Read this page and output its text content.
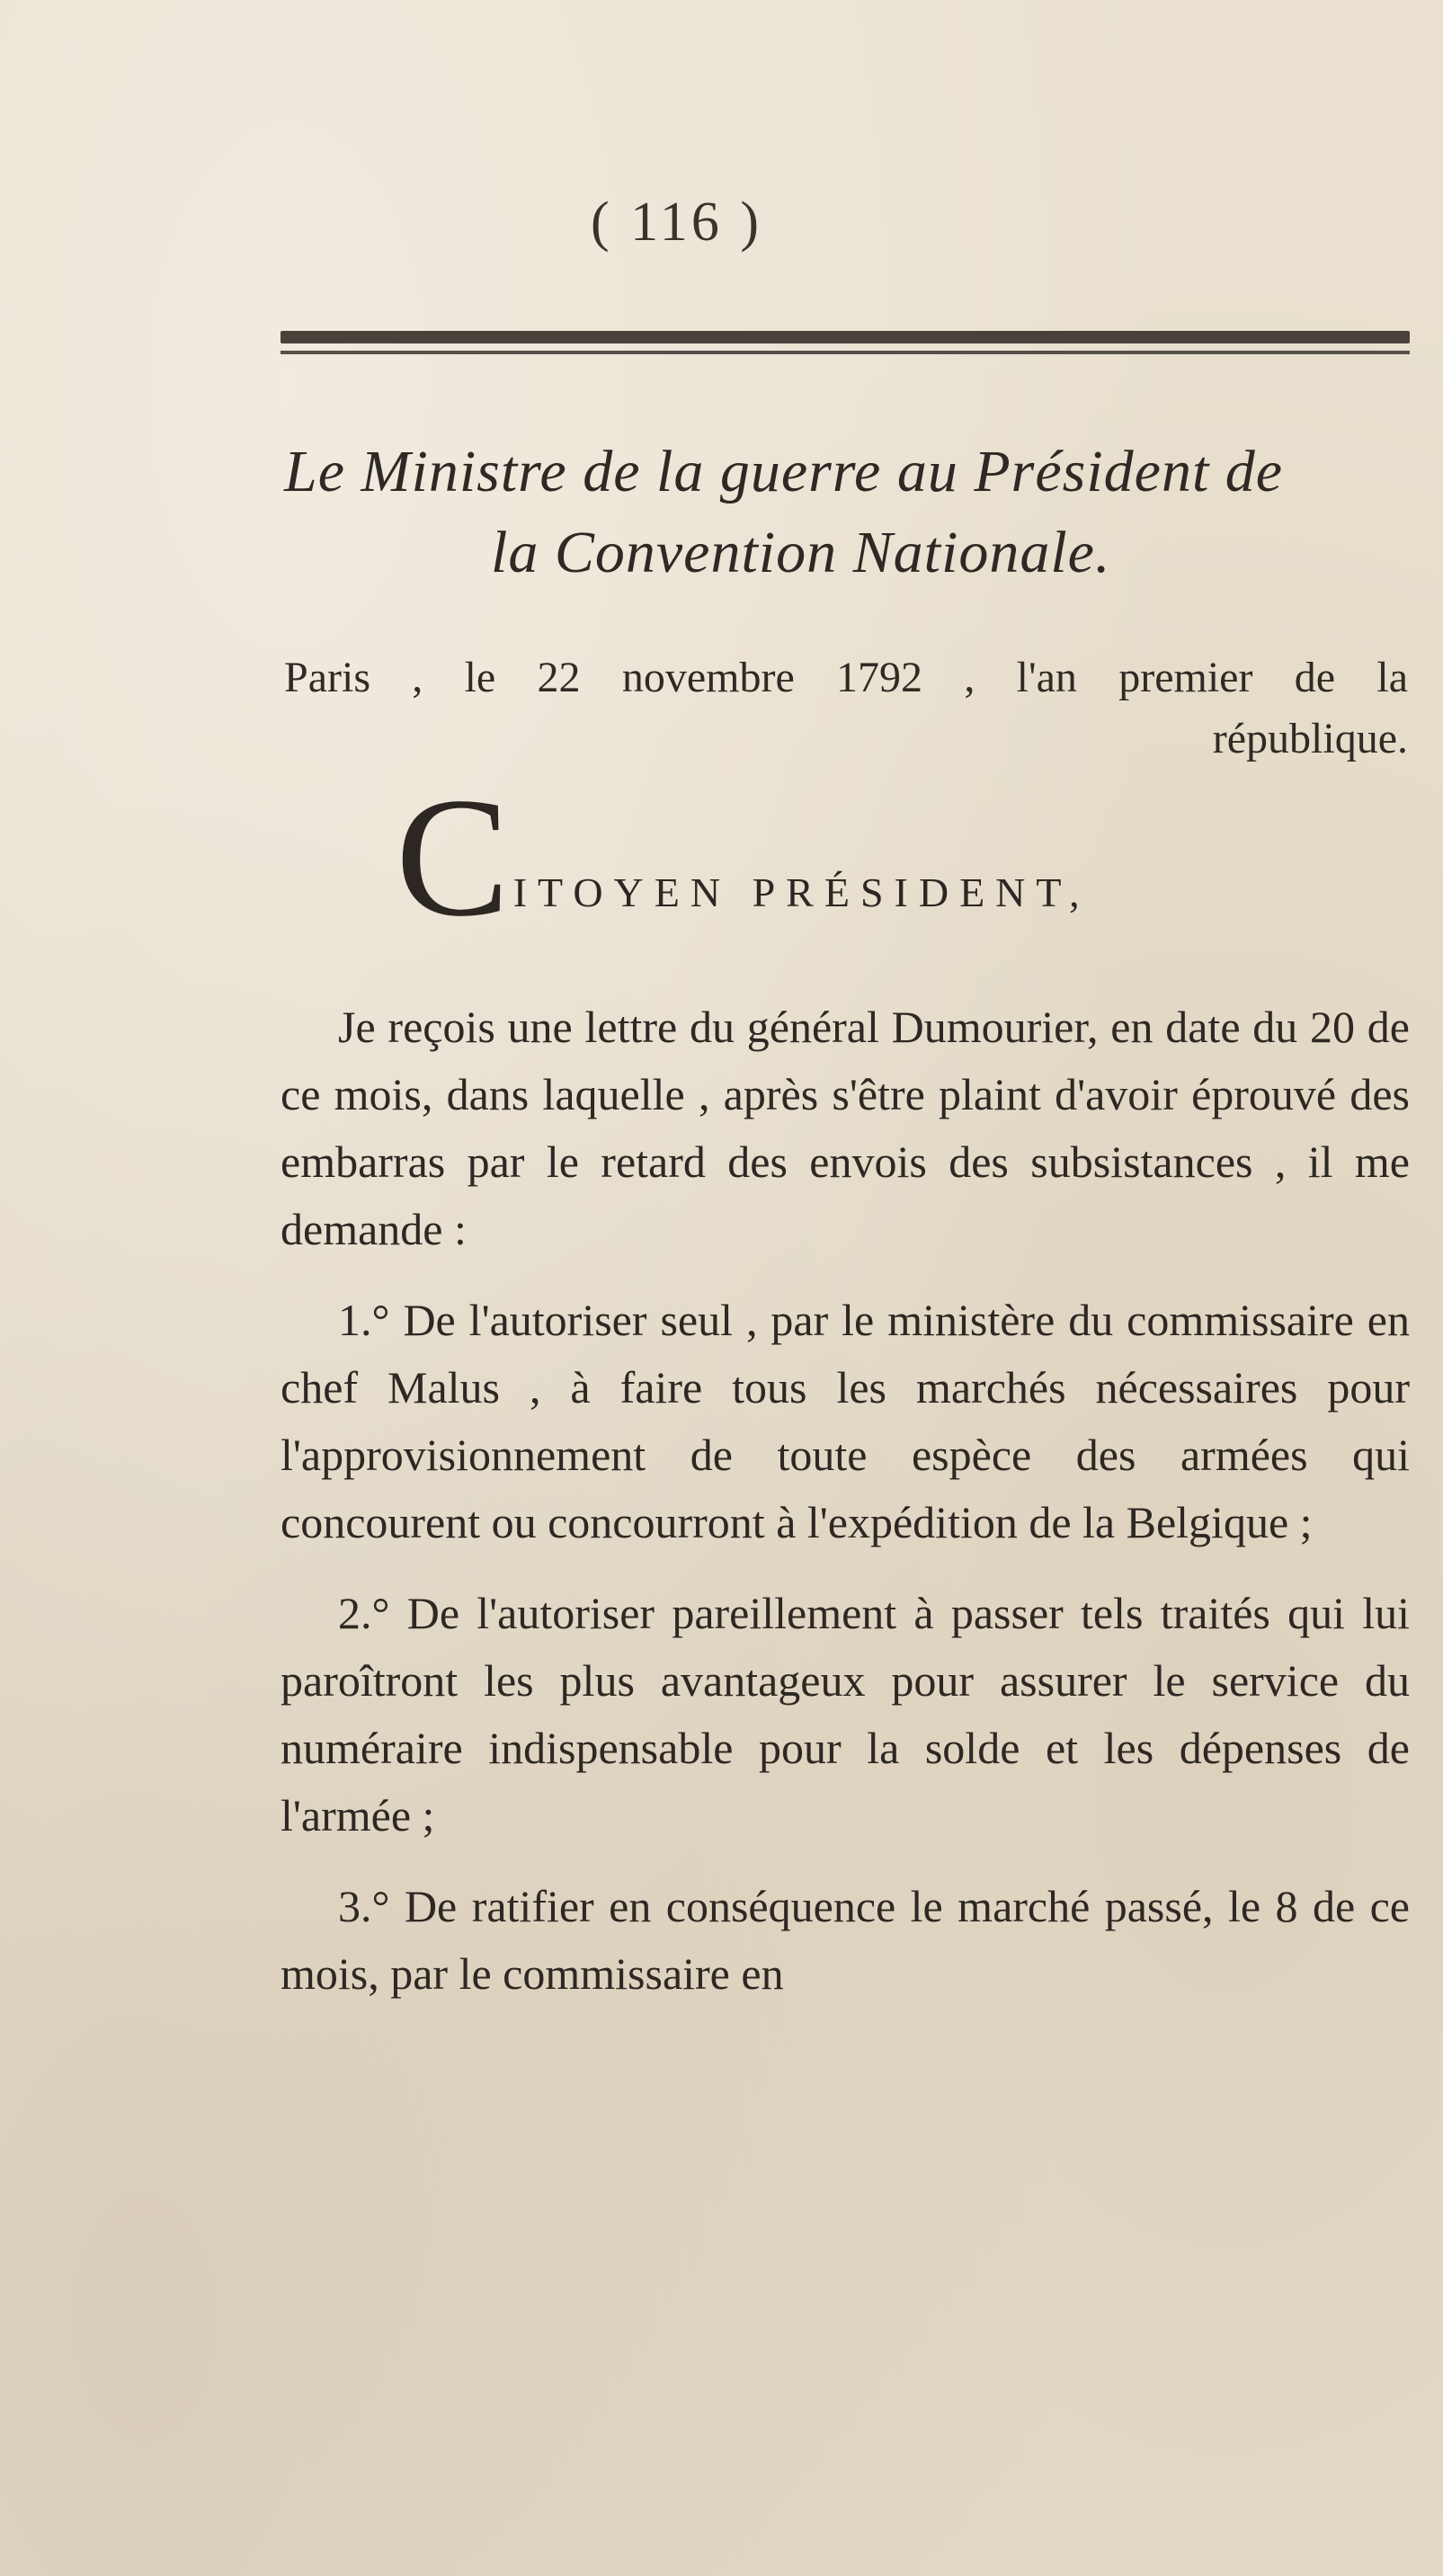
( 116 )
Le Ministre de la guerre au Président de
la Convention Nationale.
Paris , le 22 novembre 1792 , l'an premier de la
république.
C ITOYEN PRÉSIDENT,

Je reçois une lettre du général Dumourier, en date du 20 de ce mois, dans laquelle , après s'être plaint d'avoir éprouvé des embarras par le retard des envois des subsistances , il me demande :

1.° De l'autoriser seul , par le ministère du commissaire en chef Malus , à faire tous les marchés nécessaires pour l'approvisionnement de toute espèce des armées qui concourent ou concourront à l'expédition de la Belgique ;

2.° De l'autoriser pareillement à passer tels traités qui lui paroîtront les plus avantageux pour assurer le service du numéraire indispensable pour la solde et les dépenses de l'armée ;

3.° De ratifier en conséquence le marché passé, le 8 de ce mois, par le commissaire en
